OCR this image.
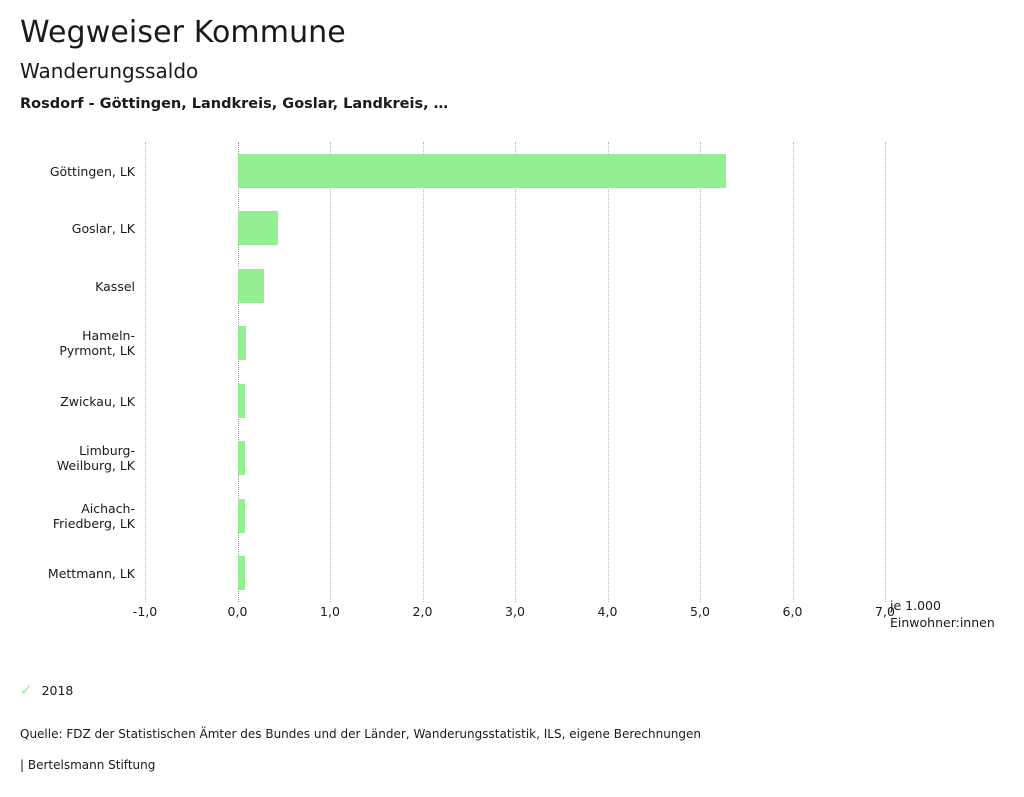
Wegweiser Kommune
Wanderungssaldo
Rosdorf - Göttingen, Landkreis, Goslar, Landkreis, …
Göttingen, LK
Goslar, LK
Kassel
Hameln-
Pyrmont, LK
Zwickau, LK
Limburg-
Weilburg, LK
Aichach-
Friedberg, LK
Mettmann, LK
-1,0	0,0	1,0	2,0	3,0	4,0	5,0	6,0	7,0
je 1.000
Einwohner:innen
✓ 2018
Quelle: FDZ der Statistischen Ämter des Bundes und der Länder, Wanderungsstatistik, ILS, eigene Berechnungen
| Bertelsmann Stiftung
